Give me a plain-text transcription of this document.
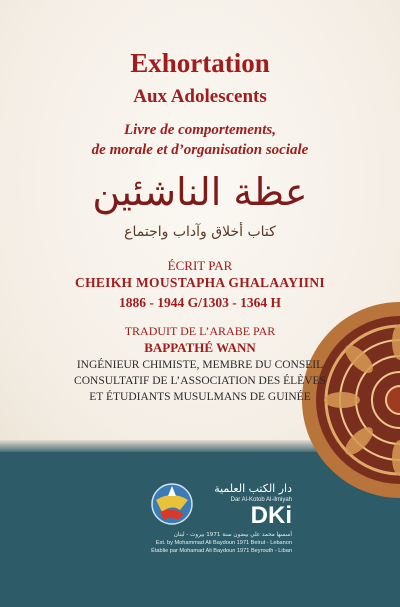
Exhortation
Aux Adolescents
Livre de comportements,
de morale et d’organisation sociale
عظة الناشئين
كتاب أخلاق وآداب واجتماع
ÉCRIT PAR
CHEIKH MOUSTAPHA GHALAAYIINI
1886 - 1944 G/1303 - 1364 H
TRADUIT DE L’ARABE PAR
BAPPATHÉ WANN
INGÉNIEUR CHIMISTE, MEMBRE DU CONSEIL
CONSULTATIF DE L’ASSOCIATION DES ÉLÈVES
ET ÉTUDIANTS MUSULMANS DE GUINÉE
دار الكتب العلمية
Dar Al-Kotob Al-ilmiyah
DKi
أسسها محمد علي بيضون سنة 1971 بيروت - لبنان
Est. by Mohammad Ali Baydoun 1971 Beirut - Lebanon
Établie par Mohamad Ali Baydoun 1971 Beyrouth - Liban
